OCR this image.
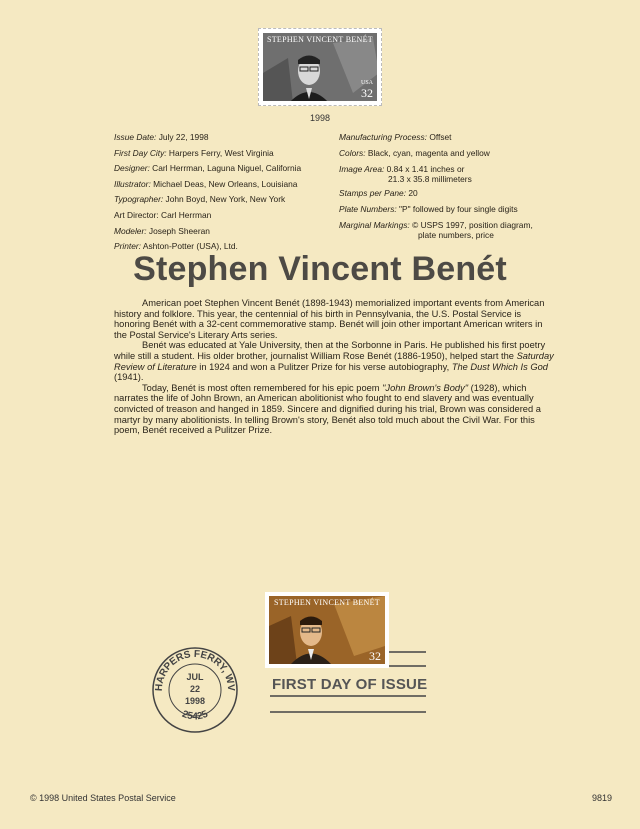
STEPHEN VINCENT BENÉT
USA
32
1998
Issue Date: July 22, 1998
First Day City: Harpers Ferry, West Virginia
Designer: Carl Herrman, Laguna Niguel, California
Illustrator: Michael Deas, New Orleans, Louisiana
Typographer: John Boyd, New York, New York
Art Director: Carl Herrman
Modeler: Joseph Sheeran
Printer: Ashton-Potter (USA), Ltd.
Manufacturing Process: Offset
Colors: Black, cyan, magenta and yellow
Image Area: 0.84 x 1.41 inches or
21.3 x 35.8 millimeters
Stamps per Pane: 20
Plate Numbers: "P" followed by four single digits
Marginal Markings: © USPS 1997, position diagram,
plate numbers, price
Stephen Vincent Benét

American poet Stephen Vincent Benét (1898-1943) memorialized important events from American history and folklore. This year, the centennial of his birth in Pennsylvania, the U.S. Postal Service is honoring Benét with a 32-cent commemorative stamp. Benét will join other important American writers in the Postal Service's Literary Arts series.

Benét was educated at Yale University, then at the Sorbonne in Paris. He published his first poetry while still a student. His older brother, journalist William Rose Benét (1886-1950), helped start the Saturday Review of Literature in 1924 and won a Pulitzer Prize for his verse autobiography, The Dust Which Is God (1941).

Today, Benét is most often remembered for his epic poem "John Brown's Body" (1928), which narrates the life of John Brown, an American abolitionist who fought to end slavery and was eventually convicted of treason and hanged in 1859. Sincere and dignified during his trial, Brown was considered a martyr by many abolitionists. In telling Brown's story, Benét also told much about the Civil War. For this poem, Benét received a Pulitzer Prize.

STEPHEN VINCENT BENÉT
32
FIRST DAY OF ISSUE
HARPERS FERRY, WV
25425
JUL
22
1998
© 1998 United States Postal Service	9819
